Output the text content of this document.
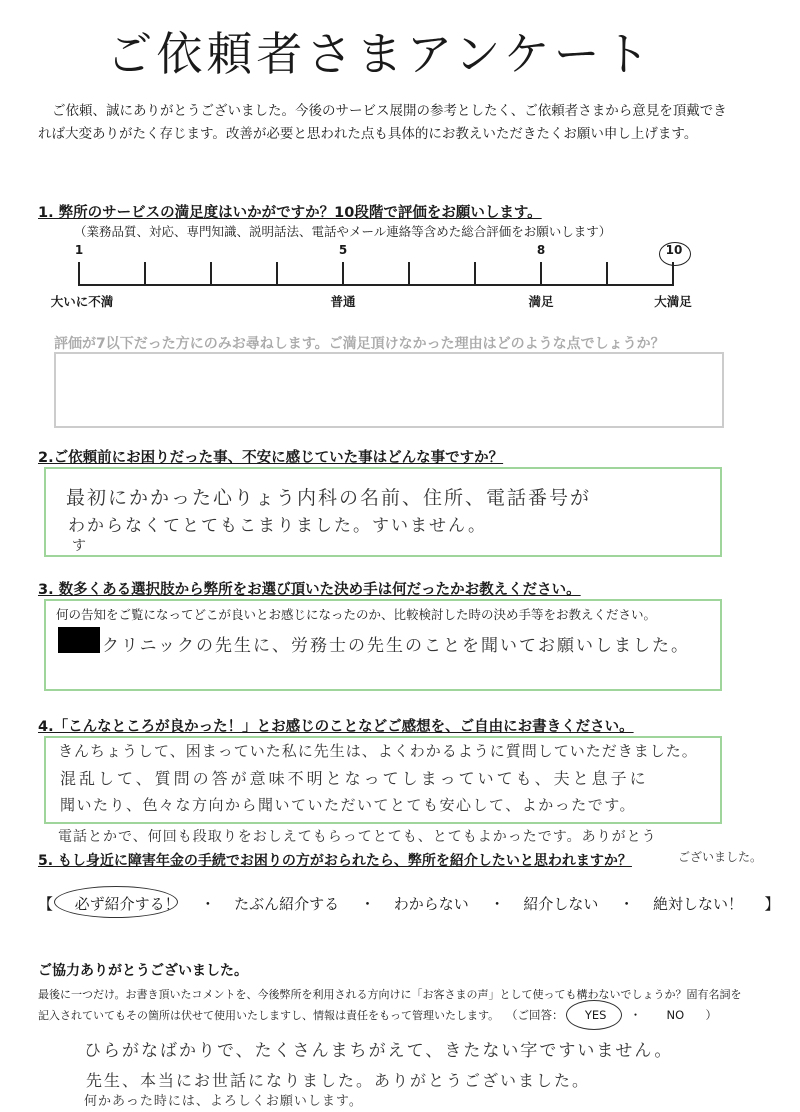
ご依頼者さまアンケート
ご依頼、誠にありがとうございました。今後のサービス展開の参考としたく、ご依頼者さまから意見を頂戴できれば大変ありがたく存じます。改善が必要と思われた点も具体的にお教えいただきたくお願い申し上げます。
1. 弊所のサービスの満足度はいかがですか？10段階で評価をお願いします。
（業務品質、対応、専門知識、説明話法、電話やメール連絡等含めた総合評価をお願いします）
1	5	8	10
大いに不満	普通	満足	大満足
評価が7以下だった方にのみお尋ねします。ご満足頂けなかった理由はどのような点でしょうか？
2.ご依頼前にお困りだった事、不安に感じていた事はどんな事ですか？
最初にかかった心りょう内科の名前、住所、電話番号が
わからなくてとてもこまりました。すいません。
す
3. 数多くある選択肢から弊所をお選び頂いた決め手は何だったかお教えください。
何の告知をご覧になってどこが良いとお感じになったのか、比較検討した時の決め手等をお教えください。
クリニックの先生に、労務士の先生のことを聞いてお願いしました。
4.「こんなところが良かった！」とお感じのことなどご感想を、ご自由にお書きください。
きんちょうして、困まっていた私に先生は、よくわかるように質問していただきました。
混乱して、質問の答が意味不明となってしまっていても、夫と息子に
聞いたり、色々な方向から聞いていただいてとても安心して、よかったです。
電話とかで、何回も段取りをおしえてもらってとても、とてもよかったです。ありがとう
ございました。
5. もし身近に障害年金の手続でお困りの方がおられたら、弊所を紹介したいと思われますか？
【 必ず紹介する！ ・ たぶん紹介する ・ わからない ・ 紹介しない ・ 絶対しない！ 】
ご協力ありがとうございました。
最後に一つだけ。お書き頂いたコメントを、今後弊所を利用される方向けに「お客さまの声」として使っても構わないでしょうか？固有名詞を
記入されていてもその箇所は伏せて使用いたしますし、情報は責任をもって管理いたします。 （ご回答： YES ・ NO ）
ひらがなばかりで、たくさんまちがえて、きたない字ですいません。
先生、本当にお世話になりました。ありがとうございました。
何かあった時には、よろしくお願いします。
